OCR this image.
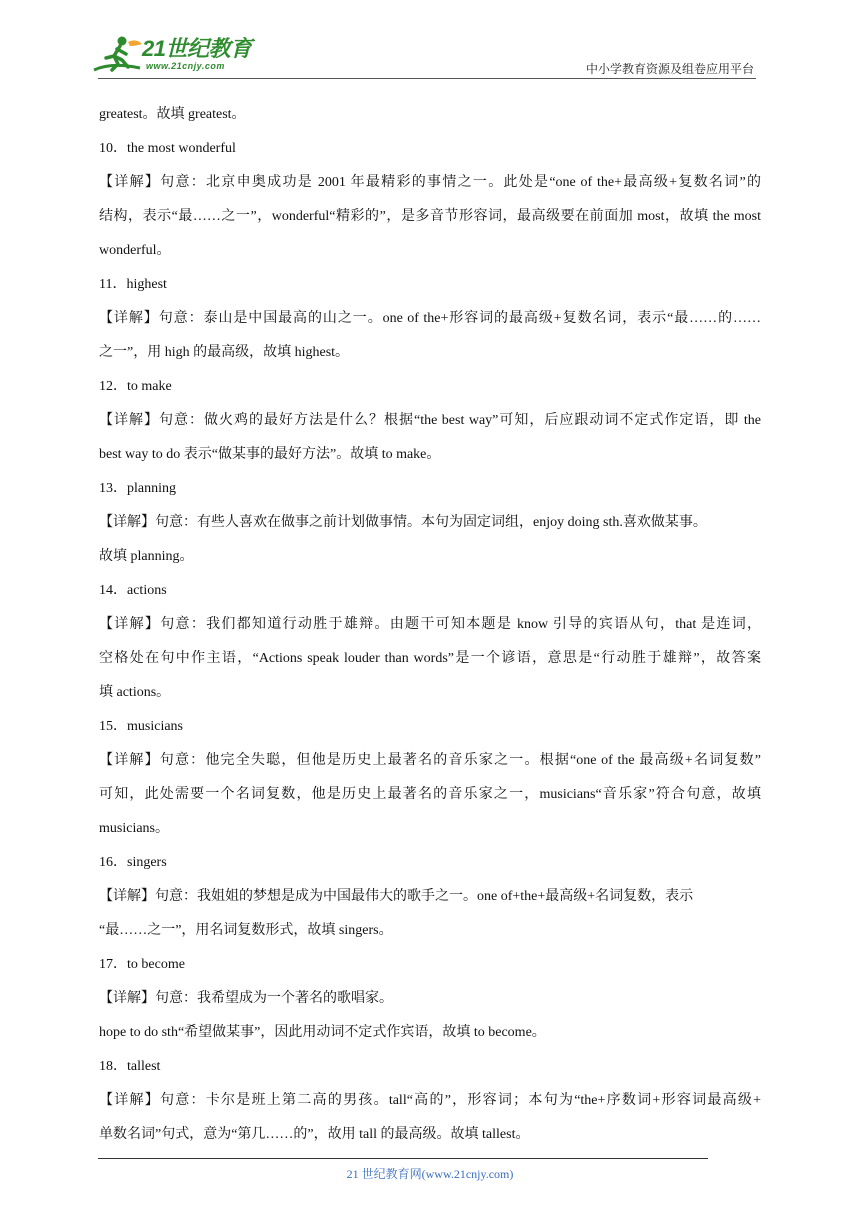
21世纪教育
www.21cnjy.com	中小学教育资源及组卷应用平台
greatest。故填 greatest。
10．the most wonderful
【详解】句意：北京申奥成功是 2001 年最精彩的事情之一。此处是“one of the+最高级+复数名词”的
结构，表示“最……之一”，wonderful“精彩的”，是多音节形容词，最高级要在前面加 most，故填 the most
wonderful。
11．highest
【详解】句意：泰山是中国最高的山之一。one of the+形容词的最高级+复数名词，表示“最……的……
之一”，用 high 的最高级，故填 highest。
12．to make
【详解】句意：做火鸡的最好方法是什么？根据“the best way”可知，后应跟动词不定式作定语，即 the
best way to do 表示“做某事的最好方法”。故填 to make。
13．planning
【详解】句意：有些人喜欢在做事之前计划做事情。本句为固定词组，enjoy doing sth.喜欢做某事。
故填 planning。
14．actions
【详解】句意：我们都知道行动胜于雄辩。由题干可知本题是 know 引导的宾语从句，that 是连词，
空格处在句中作主语，“Actions speak louder than words”是一个谚语，意思是“行动胜于雄辩”，故答案
填 actions。
15．musicians
【详解】句意：他完全失聪，但他是历史上最著名的音乐家之一。根据“one of the 最高级+名词复数”
可知，此处需要一个名词复数，他是历史上最著名的音乐家之一，musicians“音乐家”符合句意，故填
musicians。
16．singers
【详解】句意：我姐姐的梦想是成为中国最伟大的歌手之一。one of+the+最高级+名词复数，表示
“最……之一”，用名词复数形式，故填 singers。
17．to become
【详解】句意：我希望成为一个著名的歌唱家。
hope to do sth“希望做某事”，因此用动词不定式作宾语，故填 to become。
18．tallest
【详解】句意：卡尔是班上第二高的男孩。tall“高的”，形容词；本句为“the+序数词+形容词最高级+
单数名词”句式，意为“第几……的”，故用 tall 的最高级。故填 tallest。
21 世纪教育网(www.21cnjy.com)
